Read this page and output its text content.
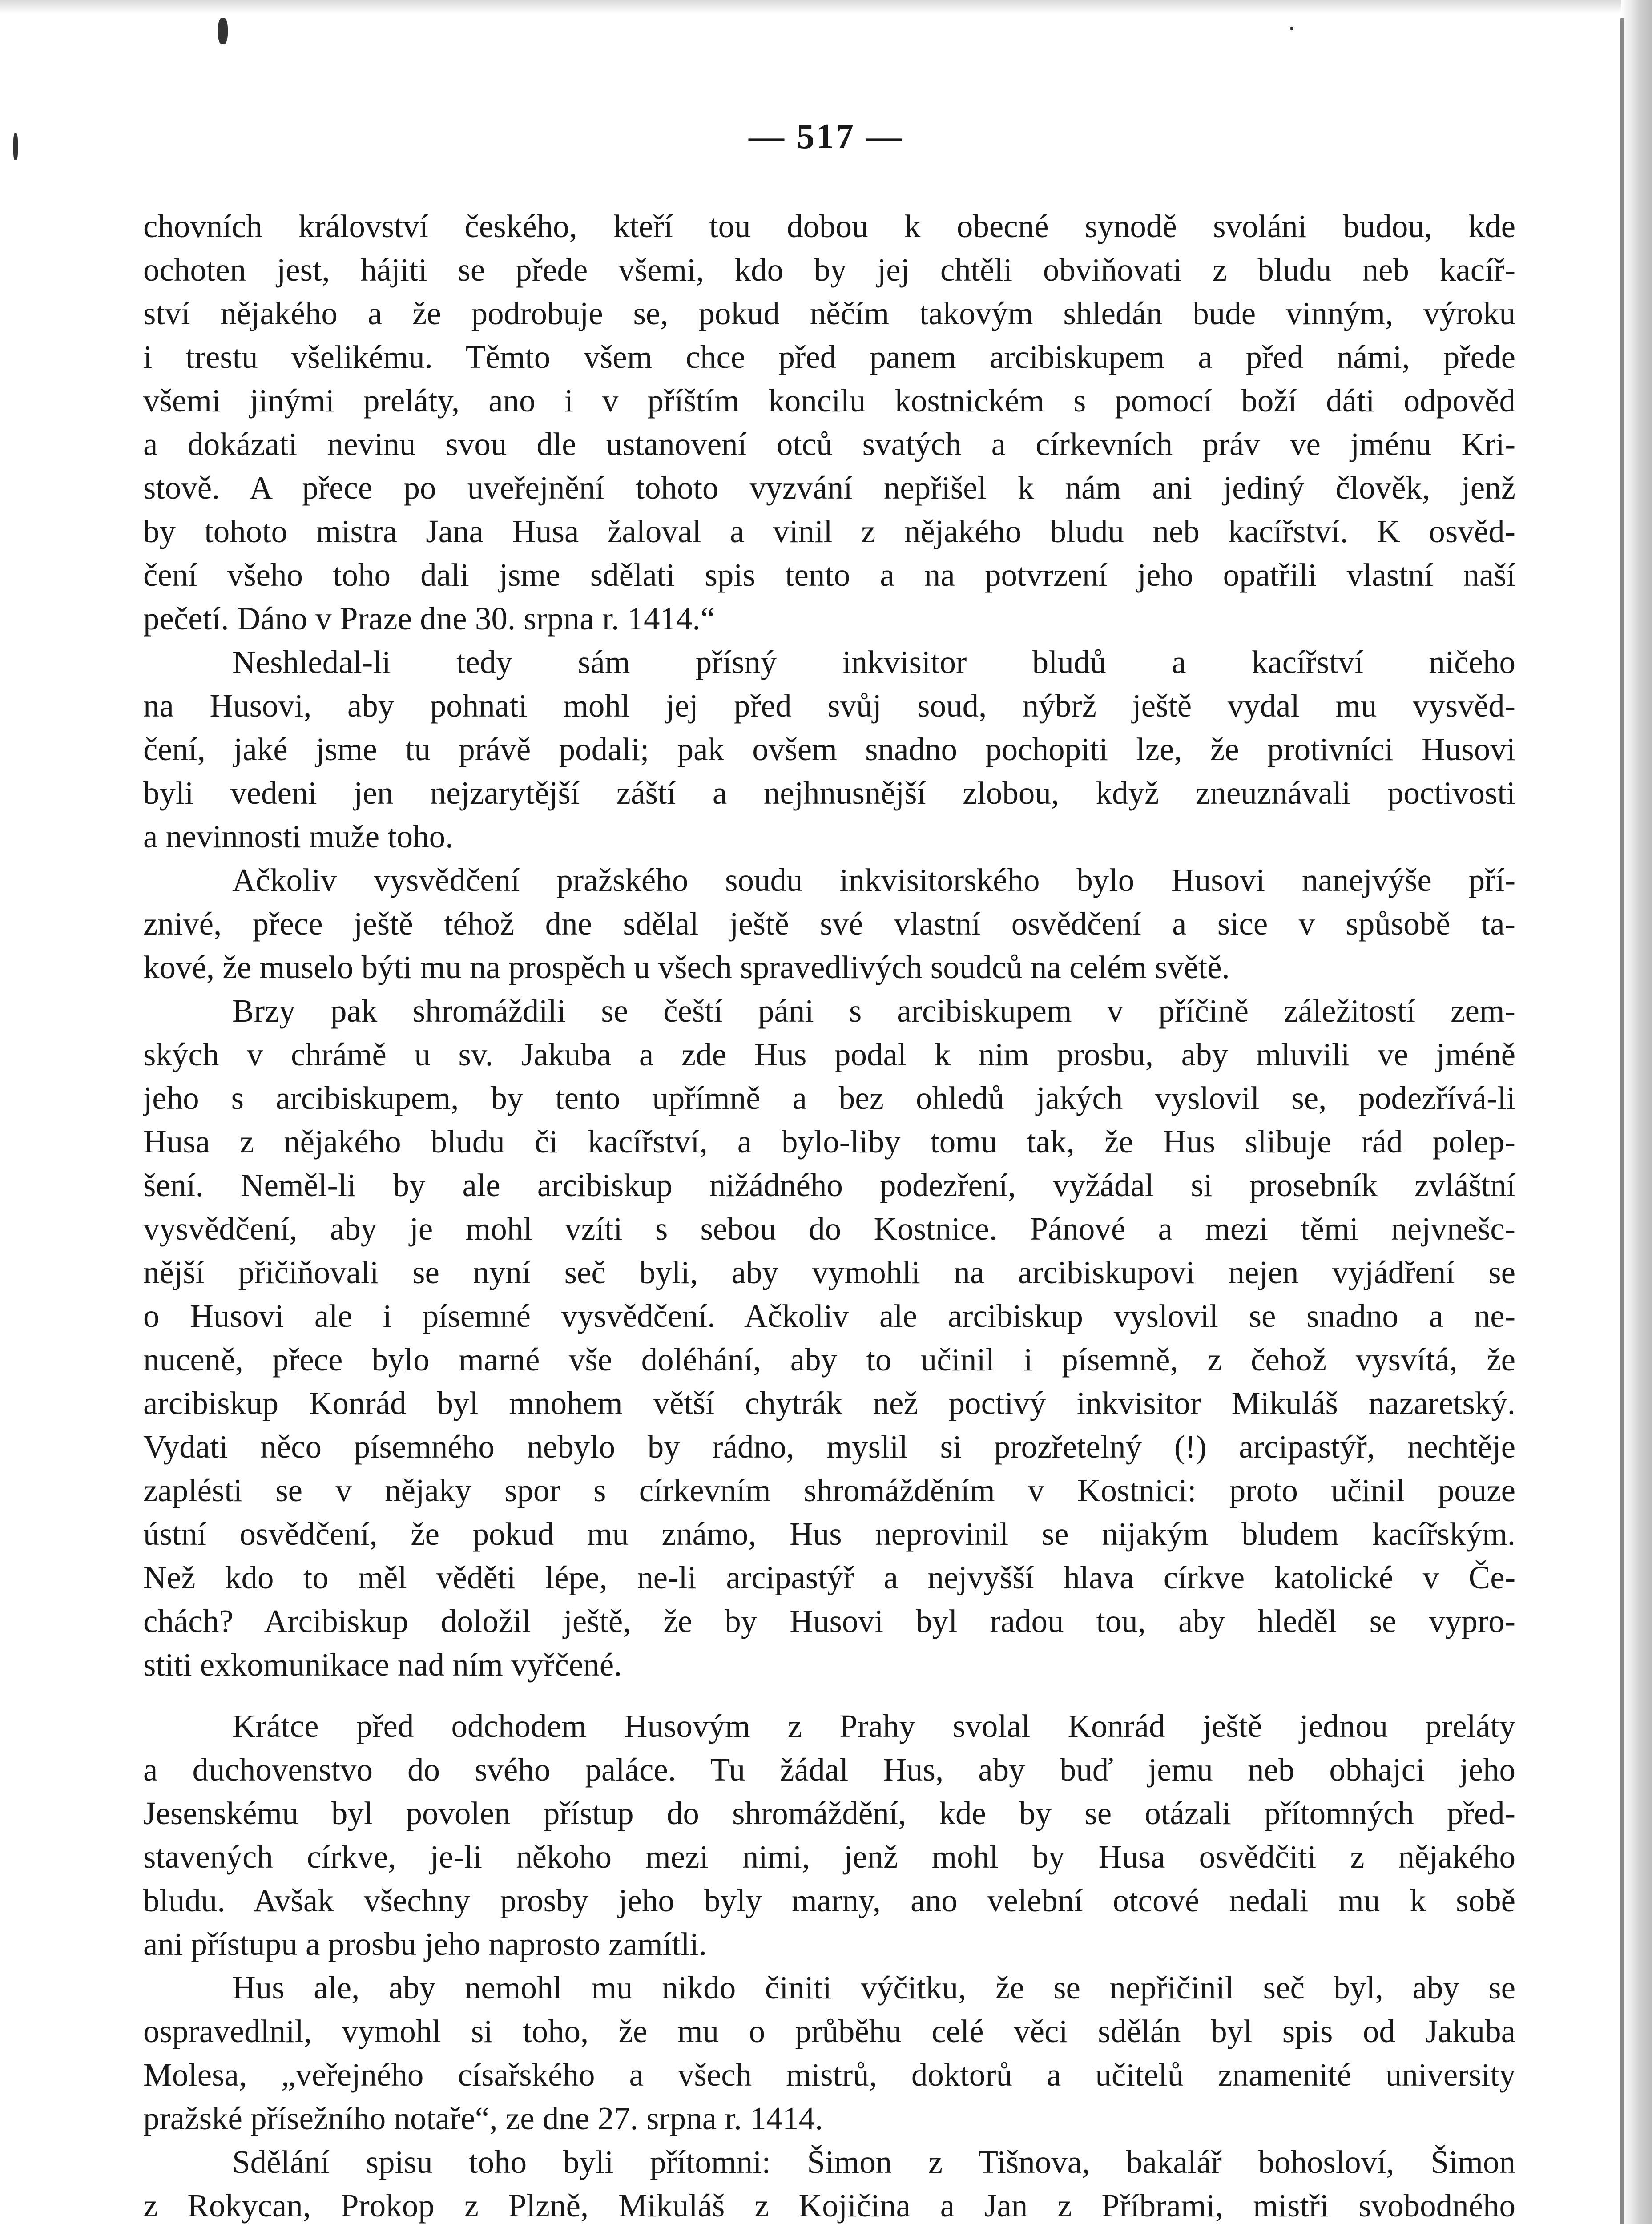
— 517 —
chovních království českého, kteří tou dobou k obecné synodě svoláni budou, kde
ochoten jest, hájiti se přede všemi, kdo by jej chtěli obviňovati z bludu neb kacíř-
ství nějakého a že podrobuje se, pokud něčím takovým shledán bude vinným, výroku
i trestu všelikému. Těmto všem chce před panem arcibiskupem a před námi, přede
všemi jinými preláty, ano i v příštím koncilu kostnickém s pomocí boží dáti odpověd
a dokázati nevinu svou dle ustanovení otců svatých a církevních práv ve jménu Kri-
stově. A přece po uveřejnění tohoto vyzvání nepřišel k nám ani jediný člověk, jenž
by tohoto mistra Jana Husa žaloval a vinil z nějakého bludu neb kacířství. K osvěd-
čení všeho toho dali jsme sdělati spis tento a na potvrzení jeho opatřili vlastní naší
pečetí. Dáno v Praze dne 30. srpna r. 1414.“
Neshledal-li tedy sám přísný inkvisitor bludů a kacířství ničeho
na Husovi, aby pohnati mohl jej před svůj soud, nýbrž ještě vydal mu vysvěd-
čení, jaké jsme tu právě podali; pak ovšem snadno pochopiti lze, že protivníci Husovi
byli vedeni jen nejzarytější záští a nejhnusnější zlobou, když zneuznávali poctivosti
a nevinnosti muže toho.
Ačkoliv vysvědčení pražského soudu inkvisitorského bylo Husovi nanejvýše pří-
znivé, přece ještě téhož dne sdělal ještě své vlastní osvědčení a sice v spůsobě ta-
kové, že muselo býti mu na prospěch u všech spravedlivých soudců na celém světě.
Brzy pak shromáždili se čeští páni s arcibiskupem v příčině záležitostí zem-
ských v chrámě u sv. Jakuba a zde Hus podal k nim prosbu, aby mluvili ve jméně
jeho s arcibiskupem, by tento upřímně a bez ohledů jakých vyslovil se, podezřívá-li
Husa z nějakého bludu či kacířství, a bylo-liby tomu tak, že Hus slibuje rád polep-
šení. Neměl-li by ale arcibiskup nižádného podezření, vyžádal si prosebník zvláštní
vysvědčení, aby je mohl vzíti s sebou do Kostnice. Pánové a mezi těmi nejvnešc-
nější přičiňovali se nyní seč byli, aby vymohli na arcibiskupovi nejen vyjádření se
o Husovi ale i písemné vysvědčení. Ačkoliv ale arcibiskup vyslovil se snadno a ne-
nuceně, přece bylo marné vše doléhání, aby to učinil i písemně, z čehož vysvítá, že
arcibiskup Konrád byl mnohem větší chytrák než poctivý inkvisitor Mikuláš nazaretský.
Vydati něco písemného nebylo by rádno, myslil si prozřetelný (!) arcipastýř, nechtěje
zaplésti se v nějaky spor s církevním shromážděním v Kostnici: proto učinil pouze
ústní osvědčení, že pokud mu známo, Hus neprovinil se nijakým bludem kacířským.
Než kdo to měl věděti lépe, ne-li arcipastýř a nejvyšší hlava církve katolické v Če-
chách? Arcibiskup doložil ještě, že by Husovi byl radou tou, aby hleděl se vypro-
stiti exkomunikace nad ním vyřčené.
Krátce před odchodem Husovým z Prahy svolal Konrád ještě jednou preláty
a duchovenstvo do svého paláce. Tu žádal Hus, aby buď jemu neb obhajci jeho
Jesenskému byl povolen přístup do shromáždění, kde by se otázali přítomných před-
stavených církve, je-li někoho mezi nimi, jenž mohl by Husa osvědčiti z nějakého
bludu. Avšak všechny prosby jeho byly marny, ano velební otcové nedali mu k sobě
ani přístupu a prosbu jeho naprosto zamítli.
Hus ale, aby nemohl mu nikdo činiti výčitku, že se nepřičinil seč byl, aby se
ospravedlnil, vymohl si toho, že mu o průběhu celé věci sdělán byl spis od Jakuba
Molesa, „veřejného císařského a všech mistrů, doktorů a učitelů znamenité university
pražské přísežního notaře“, ze dne 27. srpna r. 1414.
Sdělání spisu toho byli přítomni: Šimon z Tišnova, bakalář bohosloví, Šimon
z Rokycan, Prokop z Plzně, Mikuláš z Kojičina a Jan z Příbrami, mistři svobodného
